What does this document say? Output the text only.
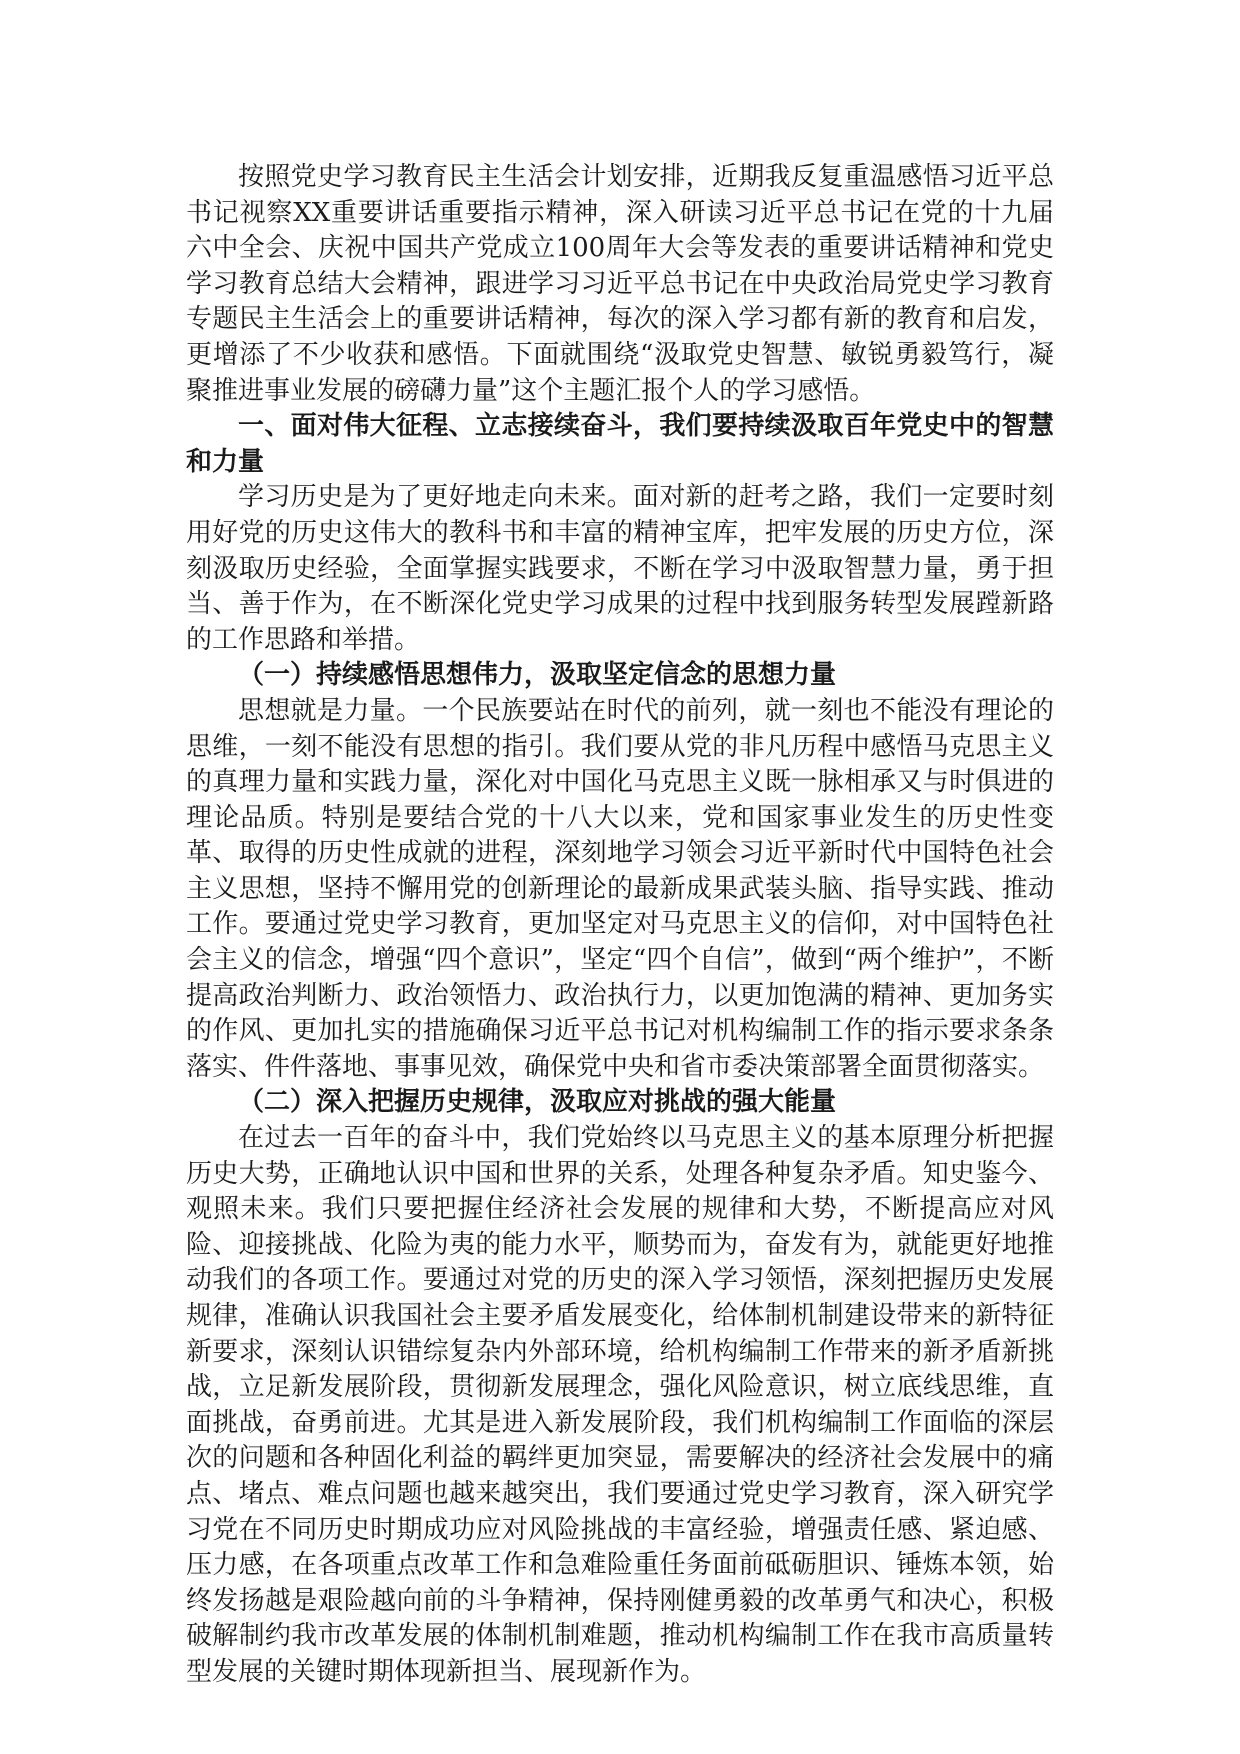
按照党史学习教育民主生活会计划安排，近期我反复重温感悟习近平总书记视察XX重要讲话重要指示精神，深入研读习近平总书记在党的十九届六中全会、庆祝中国共产党成立100周年大会等发表的重要讲话精神和党史学习教育总结大会精神，跟进学习习近平总书记在中央政治局党史学习教育专题民主生活会上的重要讲话精神，每次的深入学习都有新的教育和启发，更增添了不少收获和感悟。下面就围绕“汲取党史智慧、敏锐勇毅笃行，凝聚推进事业发展的磅礴力量”这个主题汇报个人的学习感悟。

一、面对伟大征程、立志接续奋斗，我们要持续汲取百年党史中的智慧和力量

学习历史是为了更好地走向未来。面对新的赶考之路，我们一定要时刻用好党的历史这伟大的教科书和丰富的精神宝库，把牢发展的历史方位，深刻汲取历史经验，全面掌握实践要求，不断在学习中汲取智慧力量，勇于担当、善于作为，在不断深化党史学习成果的过程中找到服务转型发展蹚新路的工作思路和举措。

（一）持续感悟思想伟力，汲取坚定信念的思想力量

思想就是力量。一个民族要站在时代的前列，就一刻也不能没有理论的思维，一刻不能没有思想的指引。我们要从党的非凡历程中感悟马克思主义的真理力量和实践力量，深化对中国化马克思主义既一脉相承又与时俱进的理论品质。特别是要结合党的十八大以来，党和国家事业发生的历史性变革、取得的历史性成就的进程，深刻地学习领会习近平新时代中国特色社会主义思想，坚持不懈用党的创新理论的最新成果武装头脑、指导实践、推动工作。要通过党史学习教育，更加坚定对马克思主义的信仰，对中国特色社会主义的信念，增强“四个意识”，坚定“四个自信”，做到“两个维护”，不断提高政治判断力、政治领悟力、政治执行力，以更加饱满的精神、更加务实的作风、更加扎实的措施确保习近平总书记对机构编制工作的指示要求条条落实、件件落地、事事见效，确保党中央和省市委决策部署全面贯彻落实。

（二）深入把握历史规律，汲取应对挑战的强大能量

在过去一百年的奋斗中，我们党始终以马克思主义的基本原理分析把握历史大势，正确地认识中国和世界的关系，处理各种复杂矛盾。知史鉴今、观照未来。我们只要把握住经济社会发展的规律和大势，不断提高应对风险、迎接挑战、化险为夷的能力水平，顺势而为，奋发有为，就能更好地推动我们的各项工作。要通过对党的历史的深入学习领悟，深刻把握历史发展规律，准确认识我国社会主要矛盾发展变化，给体制机制建设带来的新特征新要求，深刻认识错综复杂内外部环境，给机构编制工作带来的新矛盾新挑战，立足新发展阶段，贯彻新发展理念，强化风险意识，树立底线思维，直面挑战，奋勇前进。尤其是进入新发展阶段，我们机构编制工作面临的深层次的问题和各种固化利益的羁绊更加突显，需要解决的经济社会发展中的痛点、堵点、难点问题也越来越突出，我们要通过党史学习教育，深入研究学习党在不同历史时期成功应对风险挑战的丰富经验，增强责任感、紧迫感、压力感，在各项重点改革工作和急难险重任务面前砥砺胆识、锤炼本领，始终发扬越是艰险越向前的斗争精神，保持刚健勇毅的改革勇气和决心，积极破解制约我市改革发展的体制机制难题，推动机构编制工作在我市高质量转型发展的关键时期体现新担当、展现新作为。
